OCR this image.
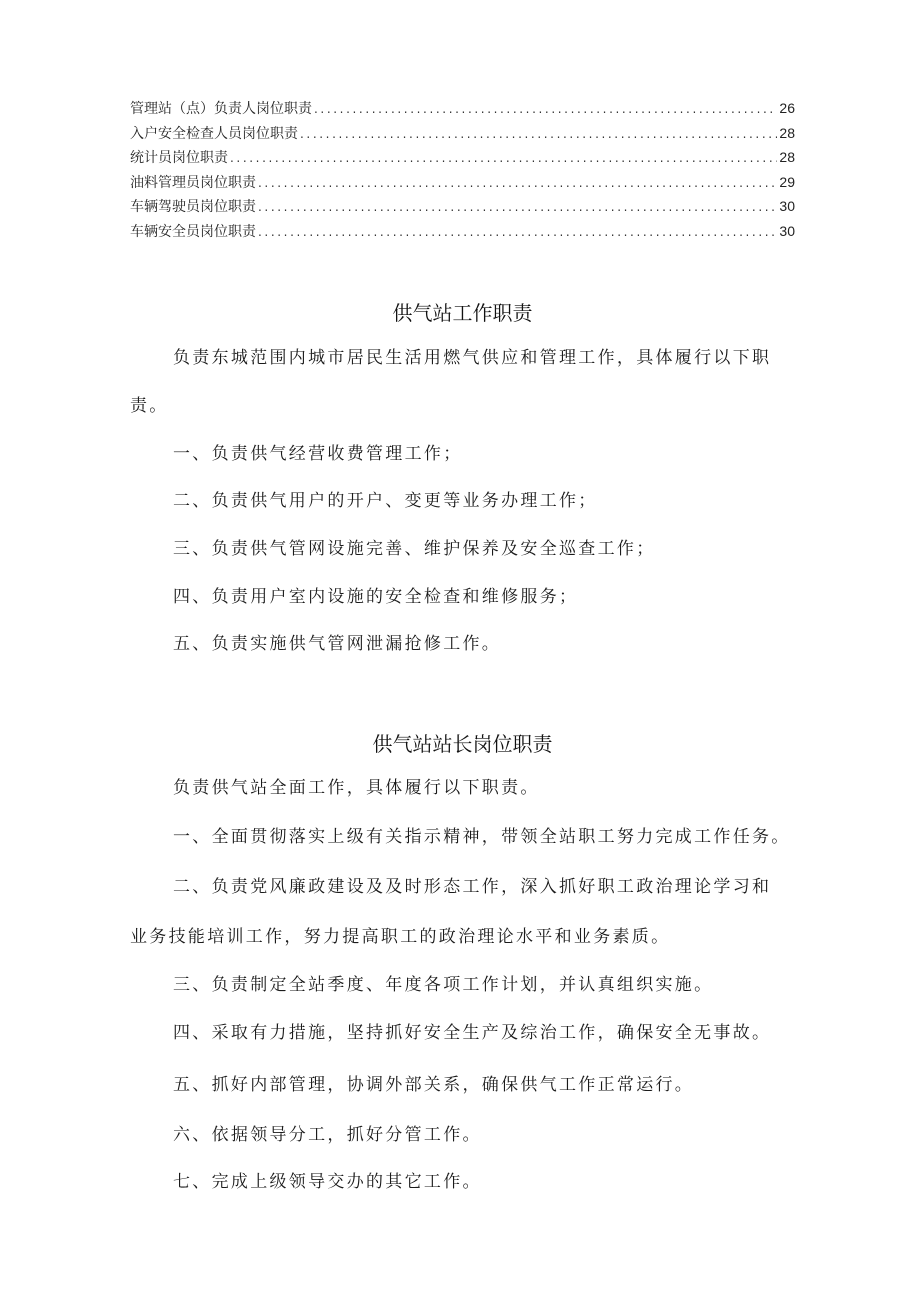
管理站（点）负责人岗位职责 .....	26
入户安全检查人员岗位职责 .....	28
统计员岗位职责 .....	28
油料管理员岗位职责 .....	29
车辆驾驶员岗位职责 .....	30
车辆安全员岗位职责 .....	30
供气站工作职责
负责东城范围内城市居民生活用燃气供应和管理工作，具体履行以下职
责。
一、负责供气经营收费管理工作；
二、负责供气用户的开户、变更等业务办理工作；
三、负责供气管网设施完善、维护保养及安全巡查工作；
四、负责用户室内设施的安全检查和维修服务；
五、负责实施供气管网泄漏抢修工作。
供气站站长岗位职责
负责供气站全面工作，具体履行以下职责。
一、全面贯彻落实上级有关指示精神，带领全站职工努力完成工作任务。
二、负责党风廉政建设及及时形态工作，深入抓好职工政治理论学习和
业务技能培训工作，努力提高职工的政治理论水平和业务素质。
三、负责制定全站季度、年度各项工作计划，并认真组织实施。
四、采取有力措施，坚持抓好安全生产及综治工作，确保安全无事故。
五、抓好内部管理，协调外部关系，确保供气工作正常运行。
六、依据领导分工，抓好分管工作。
七、完成上级领导交办的其它工作。
